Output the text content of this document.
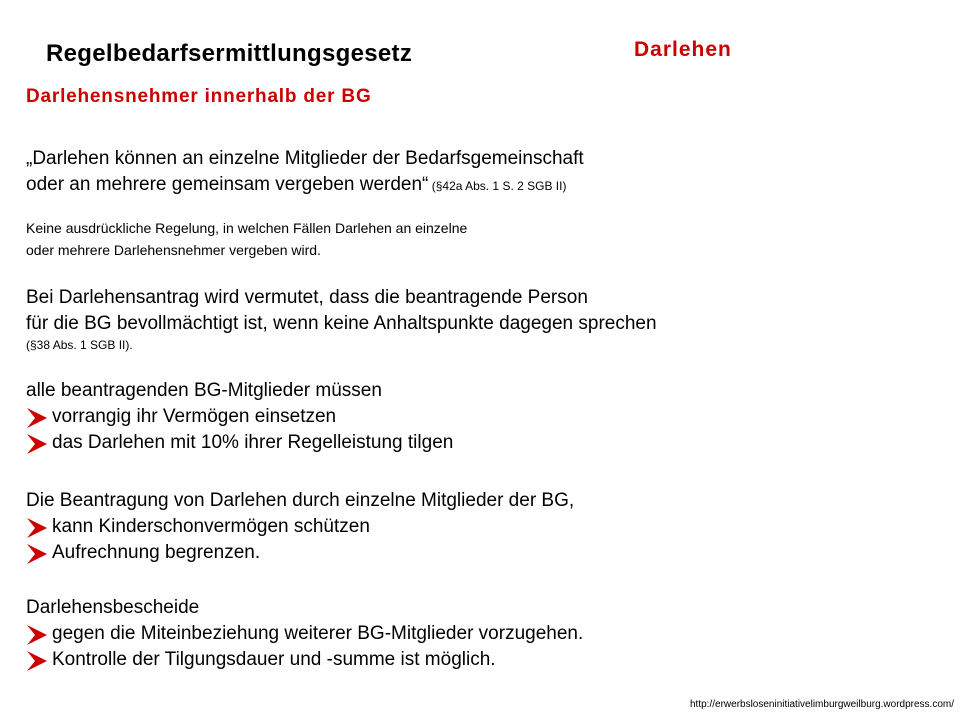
Regelbedarfsermittlungsgesetz	Darlehen
Darlehensnehmer innerhalb der BG
„Darlehen können an einzelne Mitglieder der Bedarfsgemeinschaft
oder an mehrere gemeinsam vergeben werden“ (§42a Abs. 1 S. 2 SGB II)
Keine ausdrückliche Regelung, in welchen Fällen Darlehen an einzelne
oder mehrere Darlehensnehmer vergeben wird.
Bei Darlehensantrag wird vermutet, dass die beantragende Person
für die BG bevollmächtigt ist, wenn keine Anhaltspunkte dagegen sprechen
(§38 Abs. 1 SGB II).
alle beantragenden BG-Mitglieder müssen
vorrangig ihr Vermögen einsetzen
das Darlehen mit 10% ihrer Regelleistung tilgen
Die Beantragung von Darlehen durch einzelne Mitglieder der BG,
kann Kinderschonvermögen schützen
Aufrechnung begrenzen.
Darlehensbescheide
gegen die Miteinbeziehung weiterer BG-Mitglieder vorzugehen.
Kontrolle der Tilgungsdauer und -summe ist möglich.
http://erwerbsloseninitiativelimburgweilburg.wordpress.com/
